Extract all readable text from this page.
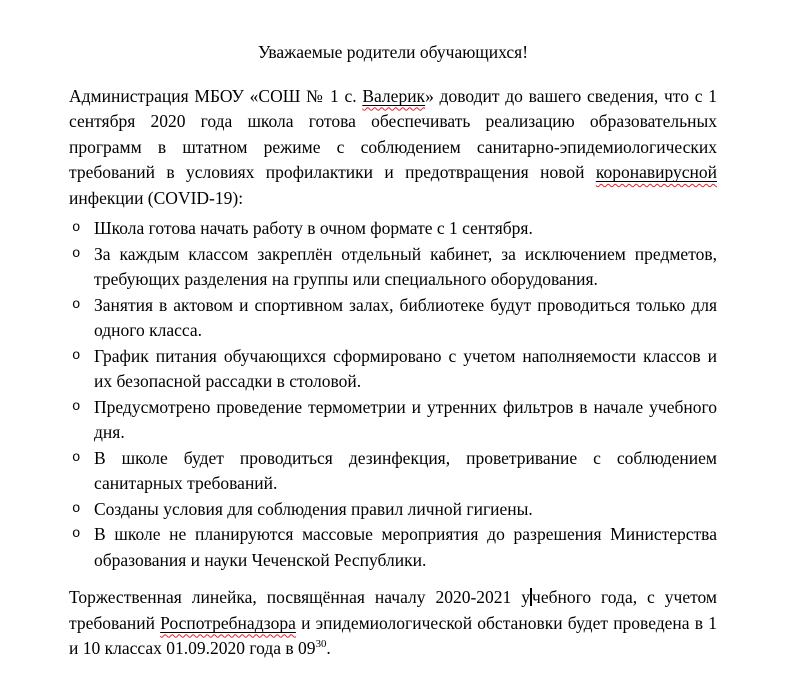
Уважаемые родители обучающихся!

Администрация МБОУ «СОШ № 1 с. Валерик» доводит до вашего сведения, что с 1 сентября 2020 года школа готова обеспечивать реализацию образовательных программ в штатном режиме с соблюдением санитарно-эпидемиологических требований в условиях профилактики и предотвращения новой коронавирусной инфекции (COVID-19):

o Школа готова начать работу в очном формате с 1 сентября.
o За каждым классом закреплён отдельный кабинет, за исключением предметов, требующих разделения на группы или специального оборудования.
o Занятия в актовом и спортивном залах, библиотеке будут проводиться только для одного класса.
o График питания обучающихся сформировано с учетом наполняемости классов и их безопасной рассадки в столовой.
o Предусмотрено проведение термометрии и утренних фильтров в начале учебного дня.
o В школе будет проводиться дезинфекция, проветривание с соблюдением санитарных требований.
o Созданы условия для соблюдения правил личной гигиены.
o В школе не планируются массовые мероприятия до разрешения Министерства образования и науки Чеченской Республики.

Торжественная линейка, посвящённая началу 2020-2021 у чебного года, с учетом требований Роспотребнадзора и эпидемиологической обстановки будет проведена в 1 и 10 классах 01.09.2020 года в $09^{30}$.
